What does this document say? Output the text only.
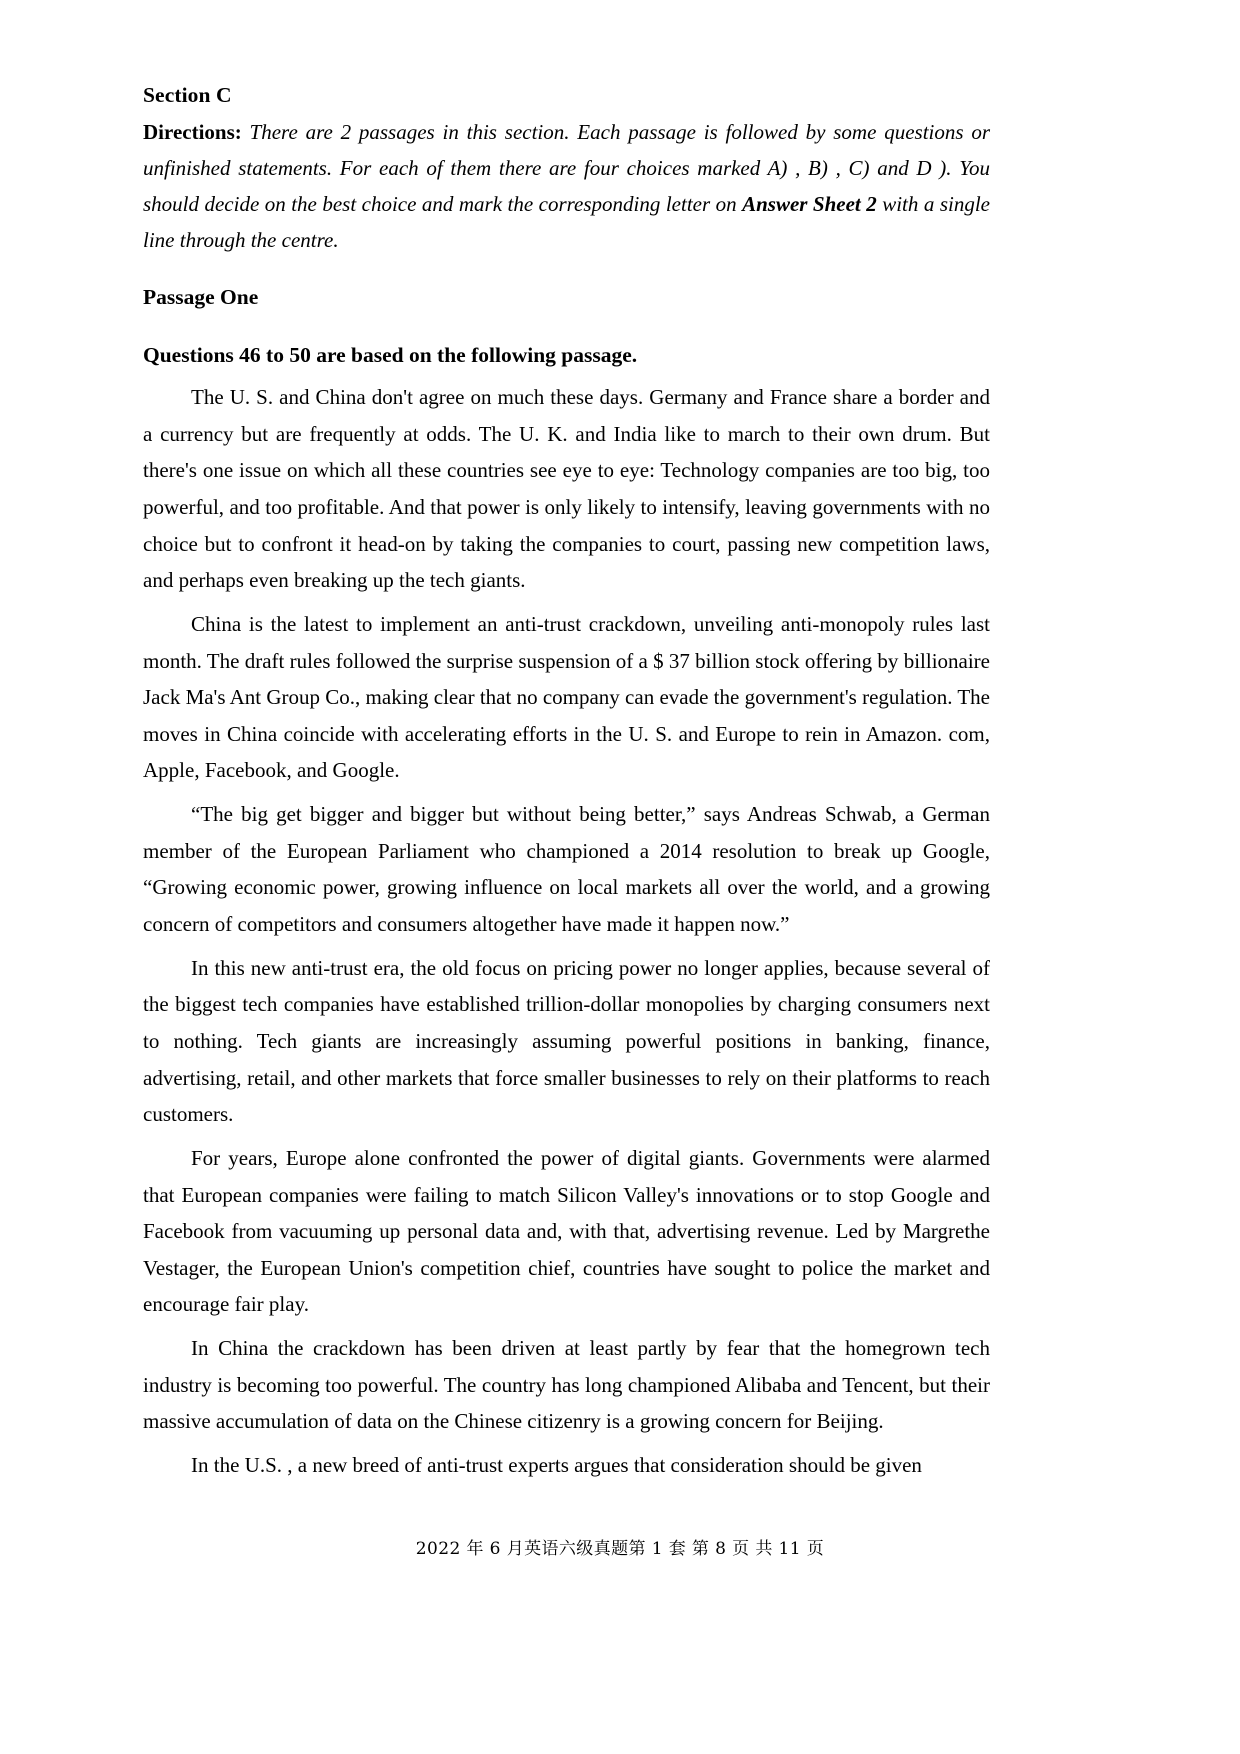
Section C

Directions: There are 2 passages in this section. Each passage is followed by some questions or unfinished statements. For each of them there are four choices marked A) , B) , C) and D ). You should decide on the best choice and mark the corresponding letter on Answer Sheet 2 with a single line through the centre.

Passage One
Questions 46 to 50 are based on the following passage.

The U. S. and China don't agree on much these days. Germany and France share a border and a currency but are frequently at odds. The U. K. and India like to march to their own drum. But there's one issue on which all these countries see eye to eye: Technology companies are too big, too powerful, and too profitable. And that power is only likely to intensify, leaving governments with no choice but to confront it head-on by taking the companies to court, passing new competition laws, and perhaps even breaking up the tech giants.

China is the latest to implement an anti-trust crackdown, unveiling anti-monopoly rules last month. The draft rules followed the surprise suspension of a $ 37 billion stock offering by billionaire Jack Ma's Ant Group Co., making clear that no company can evade the government's regulation. The moves in China coincide with accelerating efforts in the U. S. and Europe to rein in Amazon. com, Apple, Facebook, and Google.

“The big get bigger and bigger but without being better,” says Andreas Schwab, a German member of the European Parliament who championed a 2014 resolution to break up Google, “Growing economic power, growing influence on local markets all over the world, and a growing concern of competitors and consumers altogether have made it happen now.”

In this new anti-trust era, the old focus on pricing power no longer applies, because several of the biggest tech companies have established trillion-dollar monopolies by charging consumers next to nothing. Tech giants are increasingly assuming powerful positions in banking, finance, advertising, retail, and other markets that force smaller businesses to rely on their platforms to reach customers.

For years, Europe alone confronted the power of digital giants. Governments were alarmed that European companies were failing to match Silicon Valley's innovations or to stop Google and Facebook from vacuuming up personal data and, with that, advertising revenue. Led by Margrethe Vestager, the European Union's competition chief, countries have sought to police the market and encourage fair play.

In China the crackdown has been driven at least partly by fear that the homegrown tech industry is becoming too powerful. The country has long championed Alibaba and Tencent, but their massive accumulation of data on the Chinese citizenry is a growing concern for Beijing.

In the U.S. , a new breed of anti-trust experts argues that consideration should be given

2022 年 6 月英语六级真题第 1 套 第 8 页 共 11 页
